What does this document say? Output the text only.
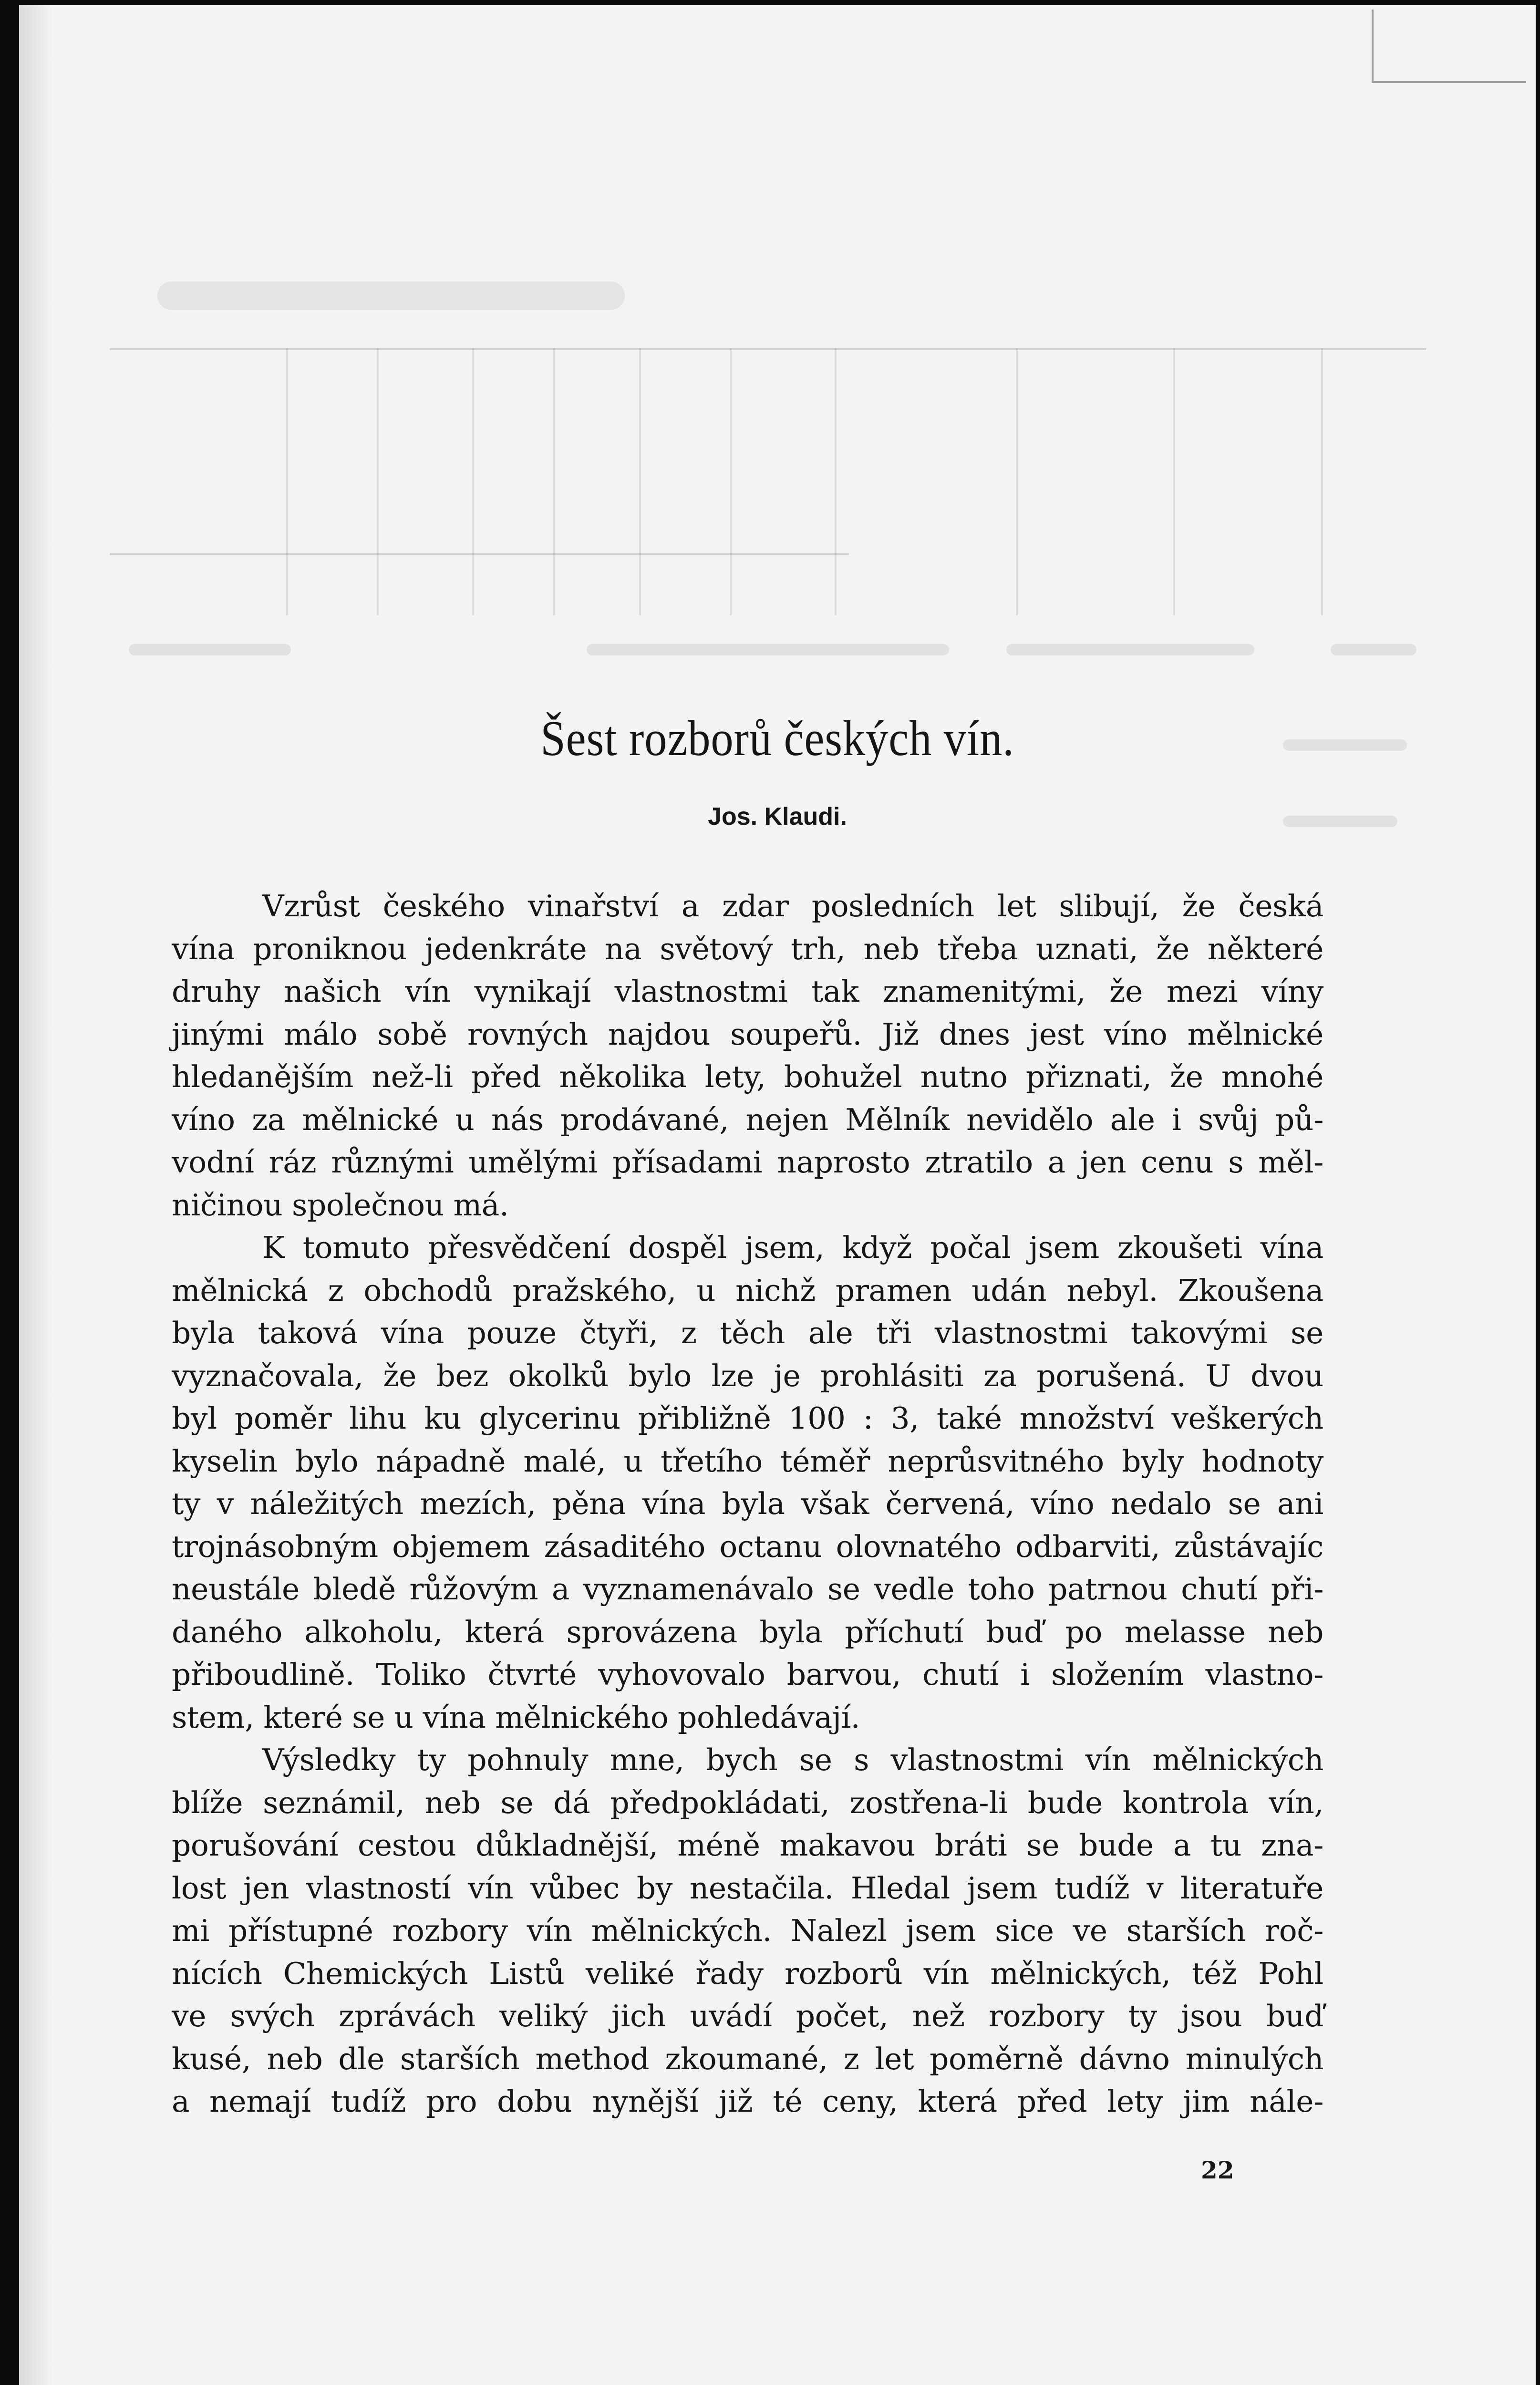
Šest rozborů českých vín.
Jos. Klaudi.
Vzrůst českého vinařství a zdar posledních let slibují, že česká
vína proniknou jedenkráte na světový trh, neb třeba uznati, že některé
druhy našich vín vynikají vlastnostmi tak znamenitými, že mezi víny
jinými málo sobě rovných najdou soupeřů. Již dnes jest víno mělnické
hledanějším než-li před několika lety, bohužel nutno přiznati, že mnohé
víno za mělnické u nás prodávané, nejen Mělník nevidělo ale i svůj pů-
vodní ráz různými umělými přísadami naprosto ztratilo a jen cenu s měl-
ničinou společnou má.
K tomuto přesvědčení dospěl jsem, když počal jsem zkoušeti vína
mělnická z obchodů pražského, u nichž pramen udán nebyl. Zkoušena
byla taková vína pouze čtyři, z těch ale tři vlastnostmi takovými se
vyznačovala, že bez okolků bylo lze je prohlásiti za porušená. U dvou
byl poměr lihu ku glycerinu přibližně 100 : 3, také množství veškerých
kyselin bylo nápadně malé, u třetího téměř neprůsvitného byly hodnoty
ty v náležitých mezích, pěna vína byla však červená, víno nedalo se ani
trojnásobným objemem zásaditého octanu olovnatého odbarviti, zůstávajíc
neustále bledě růžovým a vyznamenávalo se vedle toho patrnou chutí při-
daného alkoholu, která sprovázena byla příchutí buď po melasse neb
přiboudlině. Toliko čtvrté vyhovovalo barvou, chutí i složením vlastno-
stem, které se u vína mělnického pohledávají.
Výsledky ty pohnuly mne, bych se s vlastnostmi vín mělnických
blíže seznámil, neb se dá předpokládati, zostřena-li bude kontrola vín,
porušování cestou důkladnější, méně makavou bráti se bude a tu zna-
lost jen vlastností vín vůbec by nestačila. Hledal jsem tudíž v literatuře
mi přístupné rozbory vín mělnických. Nalezl jsem sice ve starších roč-
nících Chemických Listů veliké řady rozborů vín mělnických, též Pohl
ve svých zprávách veliký jich uvádí počet, než rozbory ty jsou buď
kusé, neb dle starších method zkoumané, z let poměrně dávno minulých
a nemají tudíž pro dobu nynější již té ceny, která před lety jim nále-
22
